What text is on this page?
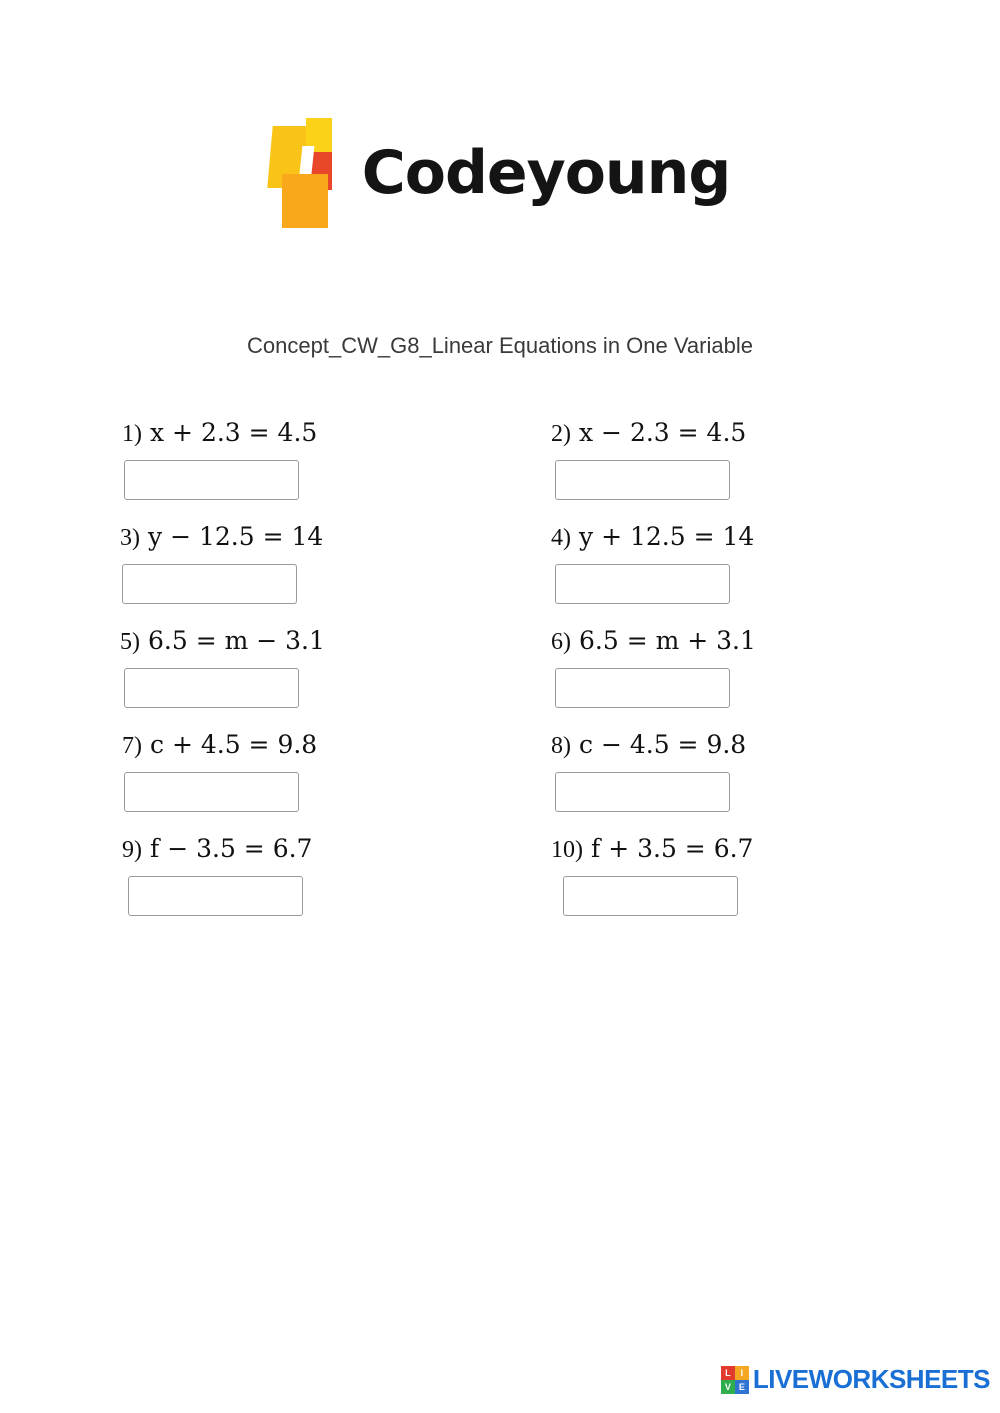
Codeyoung
Concept_CW_G8_Linear Equations in One Variable
1) x + 2.3 = 4.5	2) x − 2.3 = 4.5
3) y − 12.5 = 14	4) y + 12.5 = 14
5) 6.5 = m − 3.1	6) 6.5 = m + 3.1
7) c + 4.5 = 9.8	8) c − 4.5 = 9.8
9) f − 3.5 = 6.7	10) f + 3.5 = 6.7
L	I
V E LIVEWORKSHEETS
